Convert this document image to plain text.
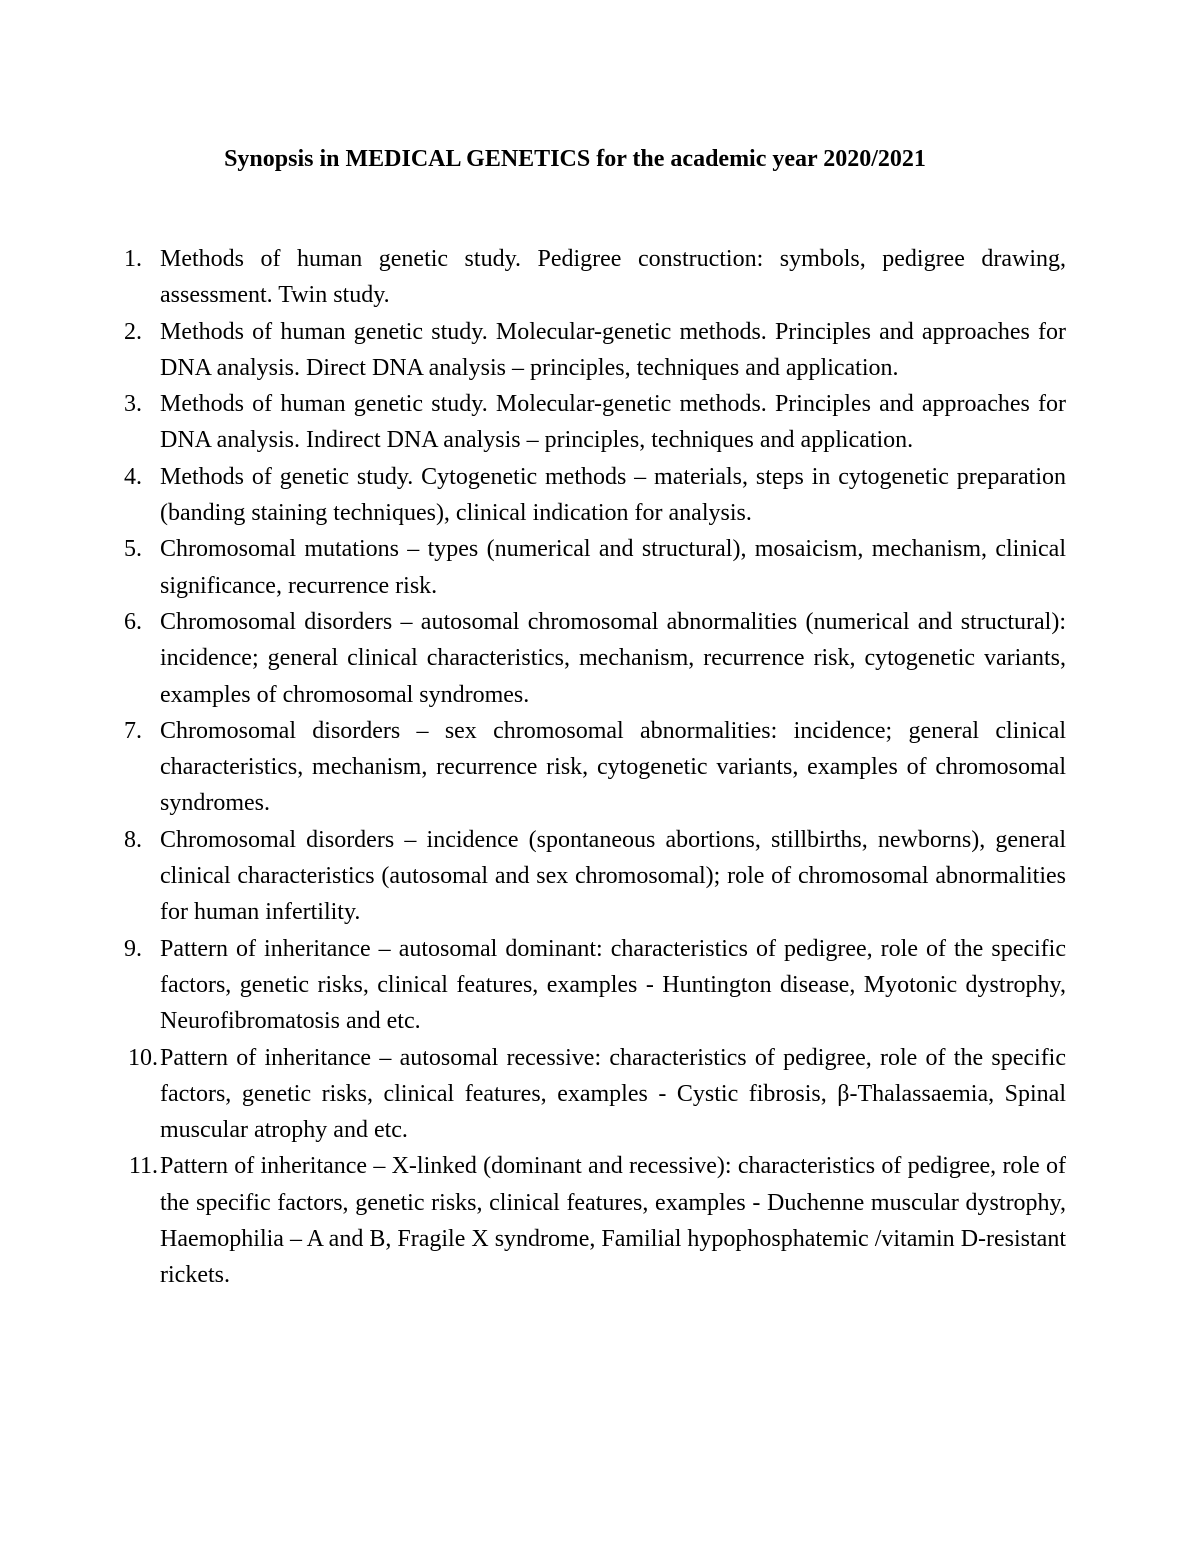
Synopsis in MEDICAL GENETICS for the academic year 2020/2021
1. Methods of human genetic study. Pedigree construction: symbols, pedigree drawing, assessment. Twin study.
2. Methods of human genetic study. Molecular-genetic methods. Principles and approaches for DNA analysis. Direct DNA analysis – principles, techniques and application.
3. Methods of human genetic study. Molecular-genetic methods. Principles and approaches for DNA analysis. Indirect DNA analysis – principles, techniques and application.
4. Methods of genetic study. Cytogenetic methods – materials, steps in cytogenetic preparation (banding staining techniques), clinical indication for analysis.
5. Chromosomal mutations – types (numerical and structural), mosaicism, mechanism, clinical significance, recurrence risk.
6. Chromosomal disorders – autosomal chromosomal abnormalities (numerical and structural): incidence; general clinical characteristics, mechanism, recurrence risk, cytogenetic variants, examples of chromosomal syndromes.
7. Chromosomal disorders – sex chromosomal abnormalities: incidence; general clinical characteristics, mechanism, recurrence risk, cytogenetic variants, examples of chromosomal syndromes.
8. Chromosomal disorders – incidence (spontaneous abortions, stillbirths, newborns), general clinical characteristics (autosomal and sex chromosomal); role of chromosomal abnormalities for human infertility.
9. Pattern of inheritance – autosomal dominant: characteristics of pedigree, role of the specific factors, genetic risks, clinical features, examples - Huntington disease, Myotonic dystrophy, Neurofibromatosis and etc.
10. Pattern of inheritance – autosomal recessive: characteristics of pedigree, role of the specific factors, genetic risks, clinical features, examples - Cystic fibrosis, β-Thalassaemia, Spinal muscular atrophy and etc.
11. Pattern of inheritance – X-linked (dominant and recessive): characteristics of pedigree, role of the specific factors, genetic risks, clinical features, examples - Duchenne muscular dystrophy, Haemophilia – A and B, Fragile X syndrome, Familial hypophosphatemic /vitamin D-resistant rickets.
